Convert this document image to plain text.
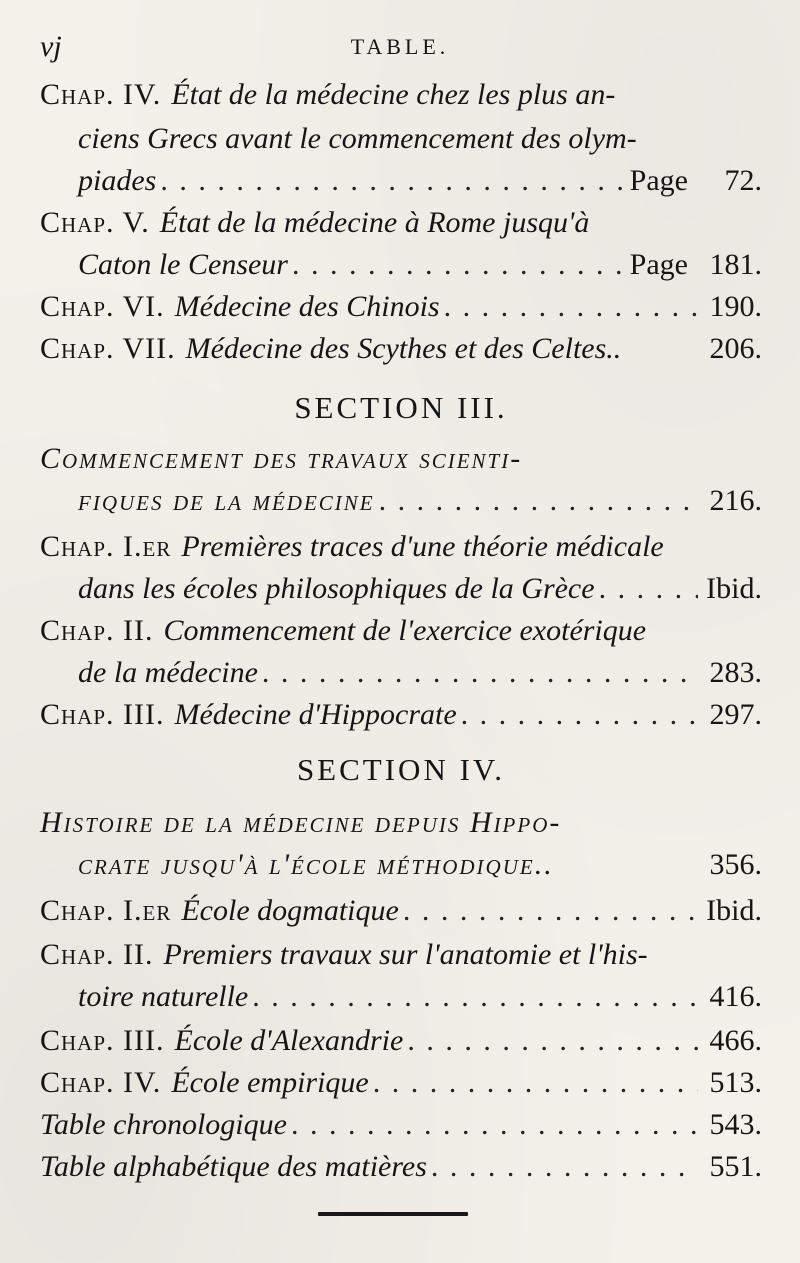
vj	TABLE.
Chap. IV. État de la médecine chez les plus an-
ciens Grecs avant le commencement des olym-
piades . . .	Page	72.
Chap. V. État de la médecine à Rome jusqu'à
Caton le Censeur . . .	Page 181.
Chap. VI. Médecine des Chinois . . .	190.
Chap. VII. Médecine des Scythes et des Celtes..	206.
SECTION III.
Commencement des travaux scienti-
fiques de la médecine . . .	216.
Chap. I.er Premières traces d'une théorie médicale
dans les écoles philosophiques de la Grèce . . .	Ibid.
Chap. II. Commencement de l'exercice exotérique
de la médecine . . .	283.
Chap. III. Médecine d'Hippocrate . . .	297.
SECTION IV.
Histoire de la médecine depuis Hippo-
crate jusqu'à l'école méthodique..	356.
Chap. I.er École dogmatique . . .	Ibid.
Chap. II. Premiers travaux sur l'anatomie et l'his-
toire naturelle . . .	416.
Chap. III. École d'Alexandrie . . .	466.
Chap. IV. École empirique . . .	513.
Table chronologique . . .	543.
Table alphabétique des matières . . .	551.
